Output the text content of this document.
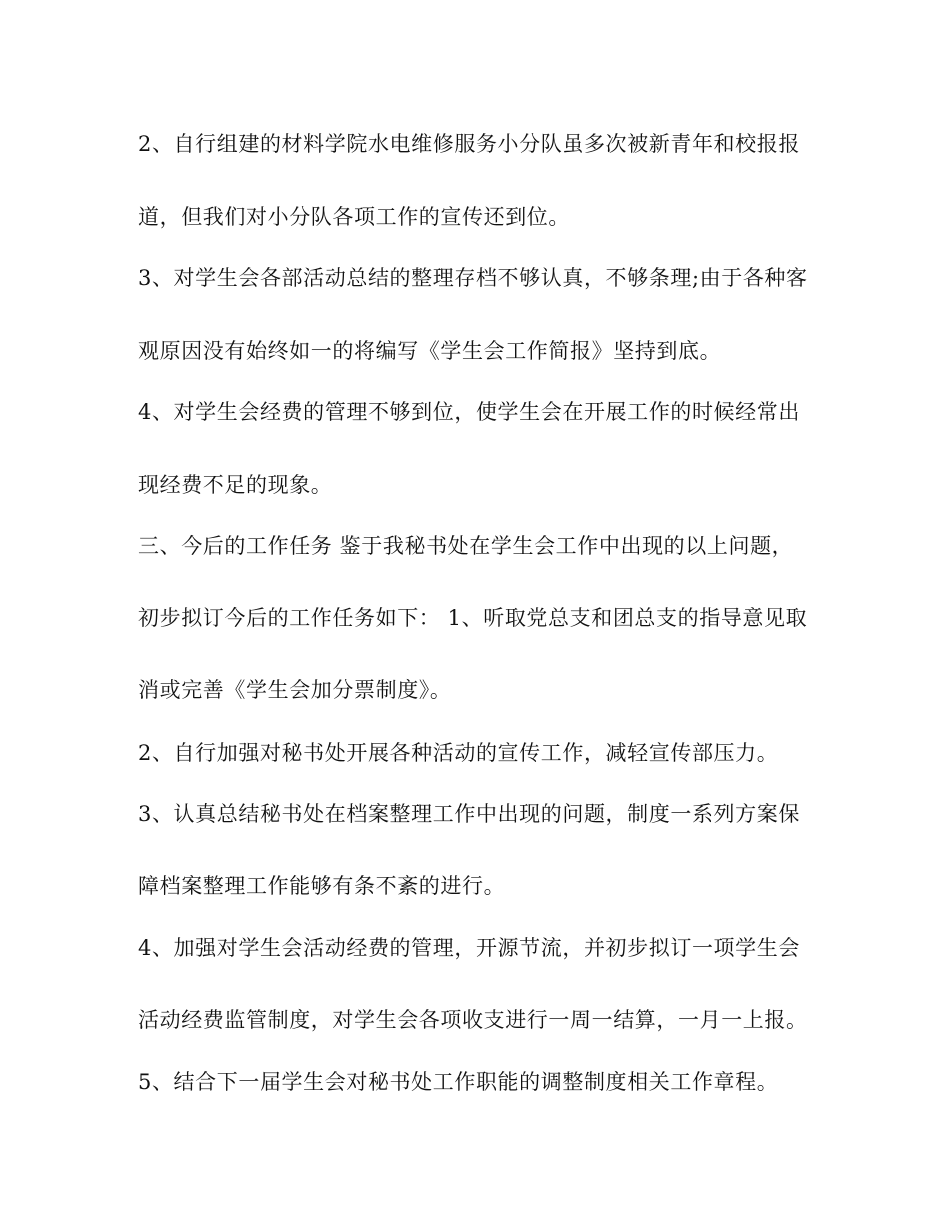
2、自行组建的材料学院水电维修服务小分队虽多次被新青年和校报报
道，但我们对小分队各项工作的宣传还到位。
3、对学生会各部活动总结的整理存档不够认真，不够条理;由于各种客
观原因没有始终如一的将编写《学生会工作简报》坚持到底。
4、对学生会经费的管理不够到位，使学生会在开展工作的时候经常出
现经费不足的现象。
三、今后的工作任务 鉴于我秘书处在学生会工作中出现的以上问题，
初步拟订今后的工作任务如下： 1、听取党总支和团总支的指导意见取
消或完善《学生会加分票制度》。
2、自行加强对秘书处开展各种活动的宣传工作，减轻宣传部压力。
3、认真总结秘书处在档案整理工作中出现的问题，制度一系列方案保
障档案整理工作能够有条不紊的进行。
4、加强对学生会活动经费的管理，开源节流，并初步拟订一项学生会
活动经费监管制度，对学生会各项收支进行一周一结算，一月一上报。
5、结合下一届学生会对秘书处工作职能的调整制度相关工作章程。
